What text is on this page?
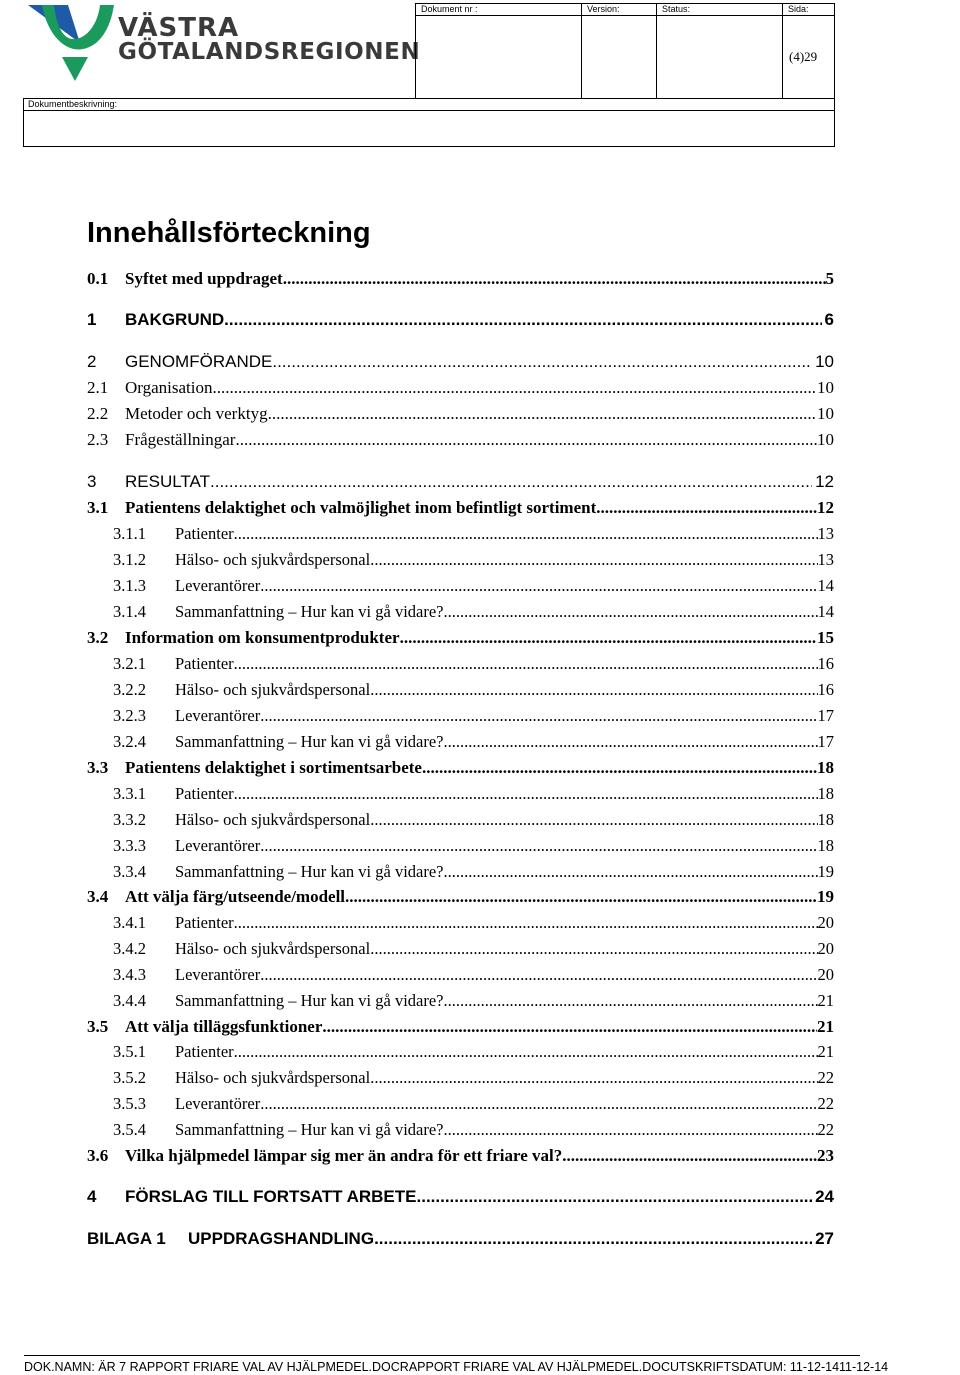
VÄSTRA
GÖTALANDSREGIONEN
Dokument nr :	Version:	Status:	Sida:
(4)29
Dokumentbeskrivning:
Innehållsförteckning
0.1 Syftet med uppdraget .....	5
1	BAKGRUND .....	6
2	GENOMFÖRANDE .....	10
2.1 Organisation .....	10
2.2 Metoder och verktyg .....	10
2.3 Frågeställningar .....	10
3	RESULTAT .....	12
3.1 Patientens delaktighet och valmöjlighet inom befintligt sortiment .....	12
3.1.1	Patienter .....	13
3.1.2	Hälso- och sjukvårdspersonal .....	13
3.1.3	Leverantörer .....	14
3.1.4	Sammanfattning – Hur kan vi gå vidare? .....	14
3.2 Information om konsumentprodukter .....	15
3.2.1	Patienter .....	16
3.2.2	Hälso- och sjukvårdspersonal .....	16
3.2.3	Leverantörer .....	17
3.2.4	Sammanfattning – Hur kan vi gå vidare? .....	17
3.3 Patientens delaktighet i sortimentsarbete .....	18
3.3.1	Patienter .....	18
3.3.2	Hälso- och sjukvårdspersonal .....	18
3.3.3	Leverantörer .....	18
3.3.4	Sammanfattning – Hur kan vi gå vidare? .....	19
3.4 Att välja färg/utseende/modell .....	19
3.4.1	Patienter .....	20
3.4.2	Hälso- och sjukvårdspersonal .....	20
3.4.3	Leverantörer .....	20
3.4.4	Sammanfattning – Hur kan vi gå vidare? .....	21
3.5 Att välja tilläggsfunktioner .....	21
3.5.1	Patienter .....	21
3.5.2	Hälso- och sjukvårdspersonal .....	22
3.5.3	Leverantörer .....	22
3.5.4	Sammanfattning – Hur kan vi gå vidare? .....	22
3.6 Vilka hjälpmedel lämpar sig mer än andra för ett friare val? .....	23
4	FÖRSLAG TILL FORTSATT ARBETE .....	24
BILAGA 1	UPPDRAGSHANDLING .....	27
DOK.NAMN: ÄR 7 RAPPORT FRIARE VAL AV HJÄLPMEDEL.DOCRAPPORT FRIARE VAL AV HJÄLPMEDEL.DOCUTSKRIFTSDATUM: 11-12-1411-12-14
